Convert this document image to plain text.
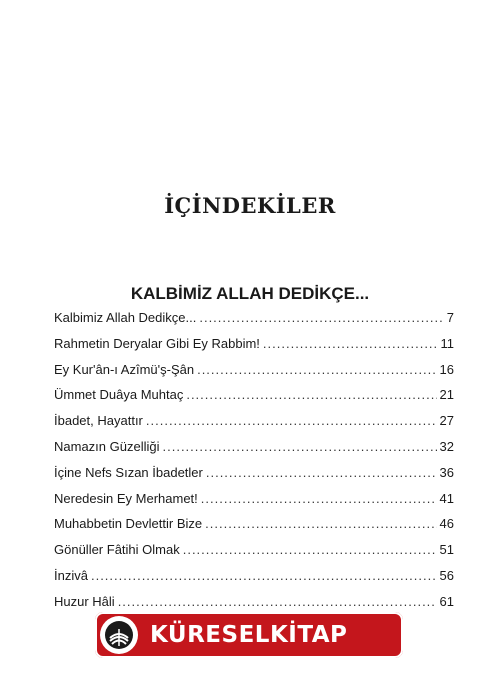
İÇİNDEKİLER
KALBİMİZ ALLAH DEDİKÇE...
Kalbimiz Allah Dedikçe... .....	7
Rahmetin Deryalar Gibi Ey Rabbim! .....	11
Ey Kur'ân-ı Azîmü'ş-Şân .....	16
Ümmet Duâya Muhtaç .....	21
İbadet, Hayattır .....	27
Namazın Güzelliği .....	32
İçine Nefs Sızan İbadetler .....	36
Neredesin Ey Merhamet! .....	41
Muhabbetin Devlettir Bize .....	46
Gönüller Fâtihi Olmak .....	51
İnzivâ .....	56
Huzur Hâli .....	61
KÜRESELKİTAP
